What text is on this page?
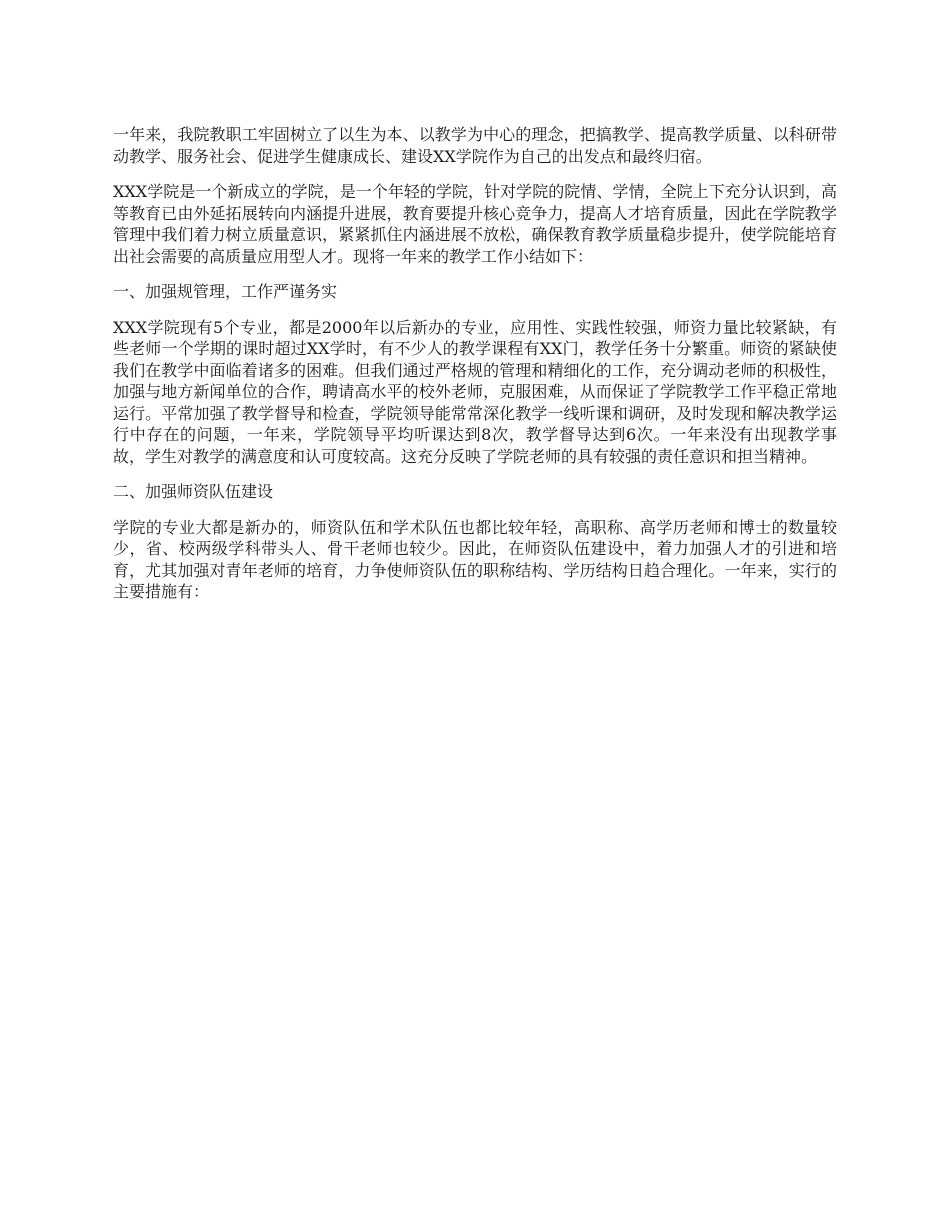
一年来，我院教职工牢固树立了以生为本、以教学为中心的理念，把搞教学、提高教学质量、以科研带动教学、服务社会、促进学生健康成长、建设XX学院作为自己的出发点和最终归宿。

XXX学院是一个新成立的学院，是一个年轻的学院，针对学院的院情、学情，全院上下充分认识到，高等教育已由外延拓展转向内涵提升进展，教育要提升核心竞争力，提高人才培育质量，因此在学院教学管理中我们着力树立质量意识，紧紧抓住内涵进展不放松，确保教育教学质量稳步提升，使学院能培育出社会需要的高质量应用型人才。现将一年来的教学工作小结如下：

一、加强规管理，工作严谨务实

XXX学院现有5个专业，都是2000年以后新办的专业，应用性、实践性较强，师资力量比较紧缺，有些老师一个学期的课时超过XX学时，有不少人的教学课程有XX门，教学任务十分繁重。师资的紧缺使我们在教学中面临着诸多的困难。但我们通过严格规的管理和精细化的工作，充分调动老师的积极性，加强与地方新闻单位的合作，聘请高水平的校外老师，克服困难，从而保证了学院教学工作平稳正常地运行。平常加强了教学督导和检查，学院领导能常常深化教学一线听课和调研，及时发现和解决教学运行中存在的问题，一年来，学院领导平均听课达到8次，教学督导达到6次。一年来没有出现教学事故，学生对教学的满意度和认可度较高。这充分反映了学院老师的具有较强的责任意识和担当精神。

二、加强师资队伍建设

学院的专业大都是新办的，师资队伍和学术队伍也都比较年轻，高职称、高学历老师和博士的数量较少，省、校两级学科带头人、骨干老师也较少。因此，在师资队伍建设中，着力加强人才的引进和培育，尤其加强对青年老师的培育，力争使师资队伍的职称结构、学历结构日趋合理化。一年来，实行的主要措施有：
